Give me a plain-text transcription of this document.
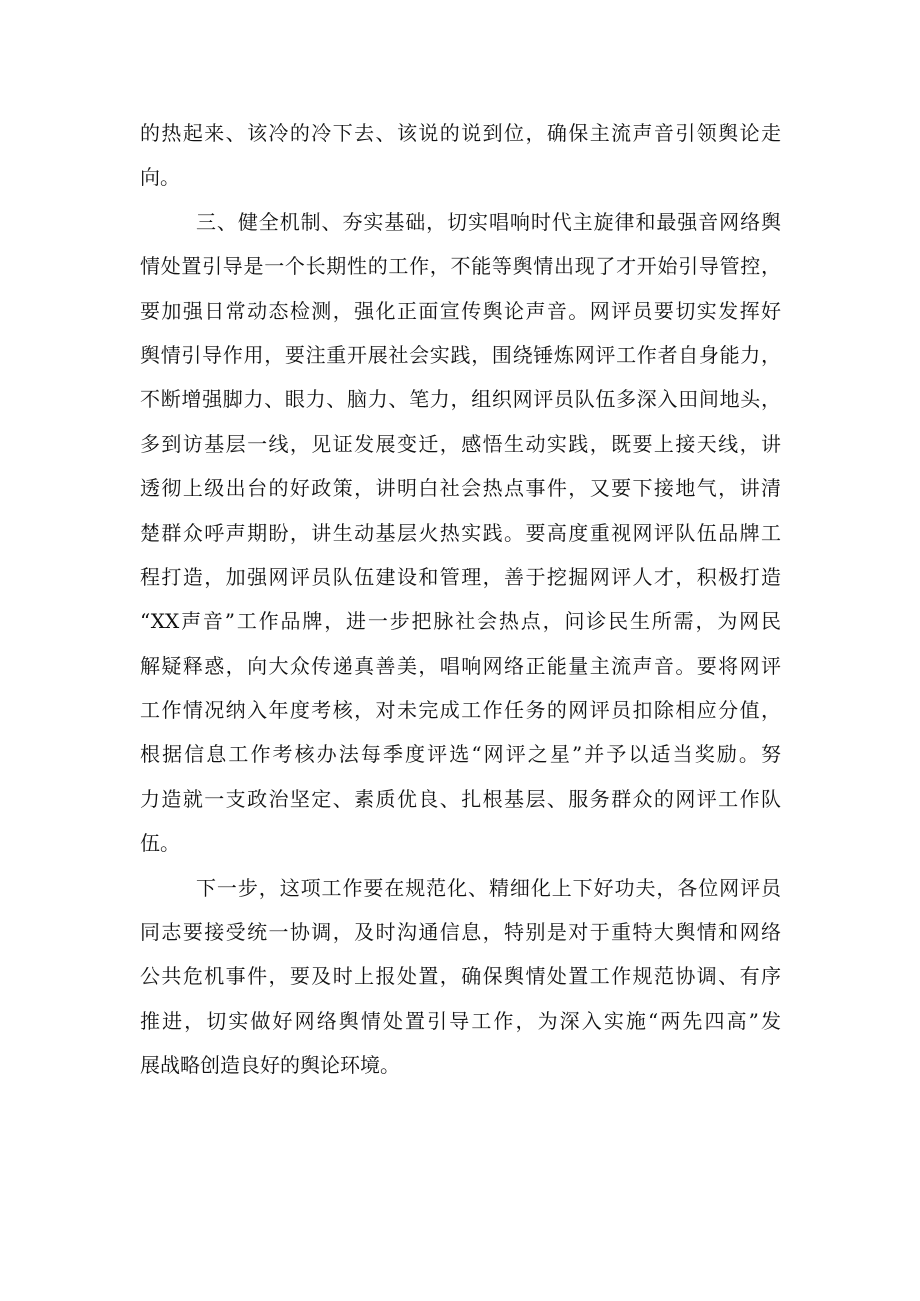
的热起来、该冷的冷下去、该说的说到位，确保主流声音引领舆论走
向。
三、健全机制、夯实基础，切实唱响时代主旋律和最强音网络舆
情处置引导是一个长期性的工作，不能等舆情出现了才开始引导管控，
要加强日常动态检测，强化正面宣传舆论声音。网评员要切实发挥好
舆情引导作用，要注重开展社会实践，围绕锤炼网评工作者自身能力，
不断增强脚力、眼力、脑力、笔力，组织网评员队伍多深入田间地头，
多到访基层一线，见证发展变迁，感悟生动实践，既要上接天线，讲
透彻上级出台的好政策，讲明白社会热点事件，又要下接地气，讲清
楚群众呼声期盼，讲生动基层火热实践。要高度重视网评队伍品牌工
程打造，加强网评员队伍建设和管理，善于挖掘网评人才，积极打造
“XX声音”工作品牌，进一步把脉社会热点，问诊民生所需，为网民
解疑释惑，向大众传递真善美，唱响网络正能量主流声音。要将网评
工作情况纳入年度考核，对未完成工作任务的网评员扣除相应分值，
根据信息工作考核办法每季度评选“网评之星”并予以适当奖励。努
力造就一支政治坚定、素质优良、扎根基层、服务群众的网评工作队
伍。
下一步，这项工作要在规范化、精细化上下好功夫，各位网评员
同志要接受统一协调，及时沟通信息，特别是对于重特大舆情和网络
公共危机事件，要及时上报处置，确保舆情处置工作规范协调、有序
推进，切实做好网络舆情处置引导工作，为深入实施“两先四高”发
展战略创造良好的舆论环境。
